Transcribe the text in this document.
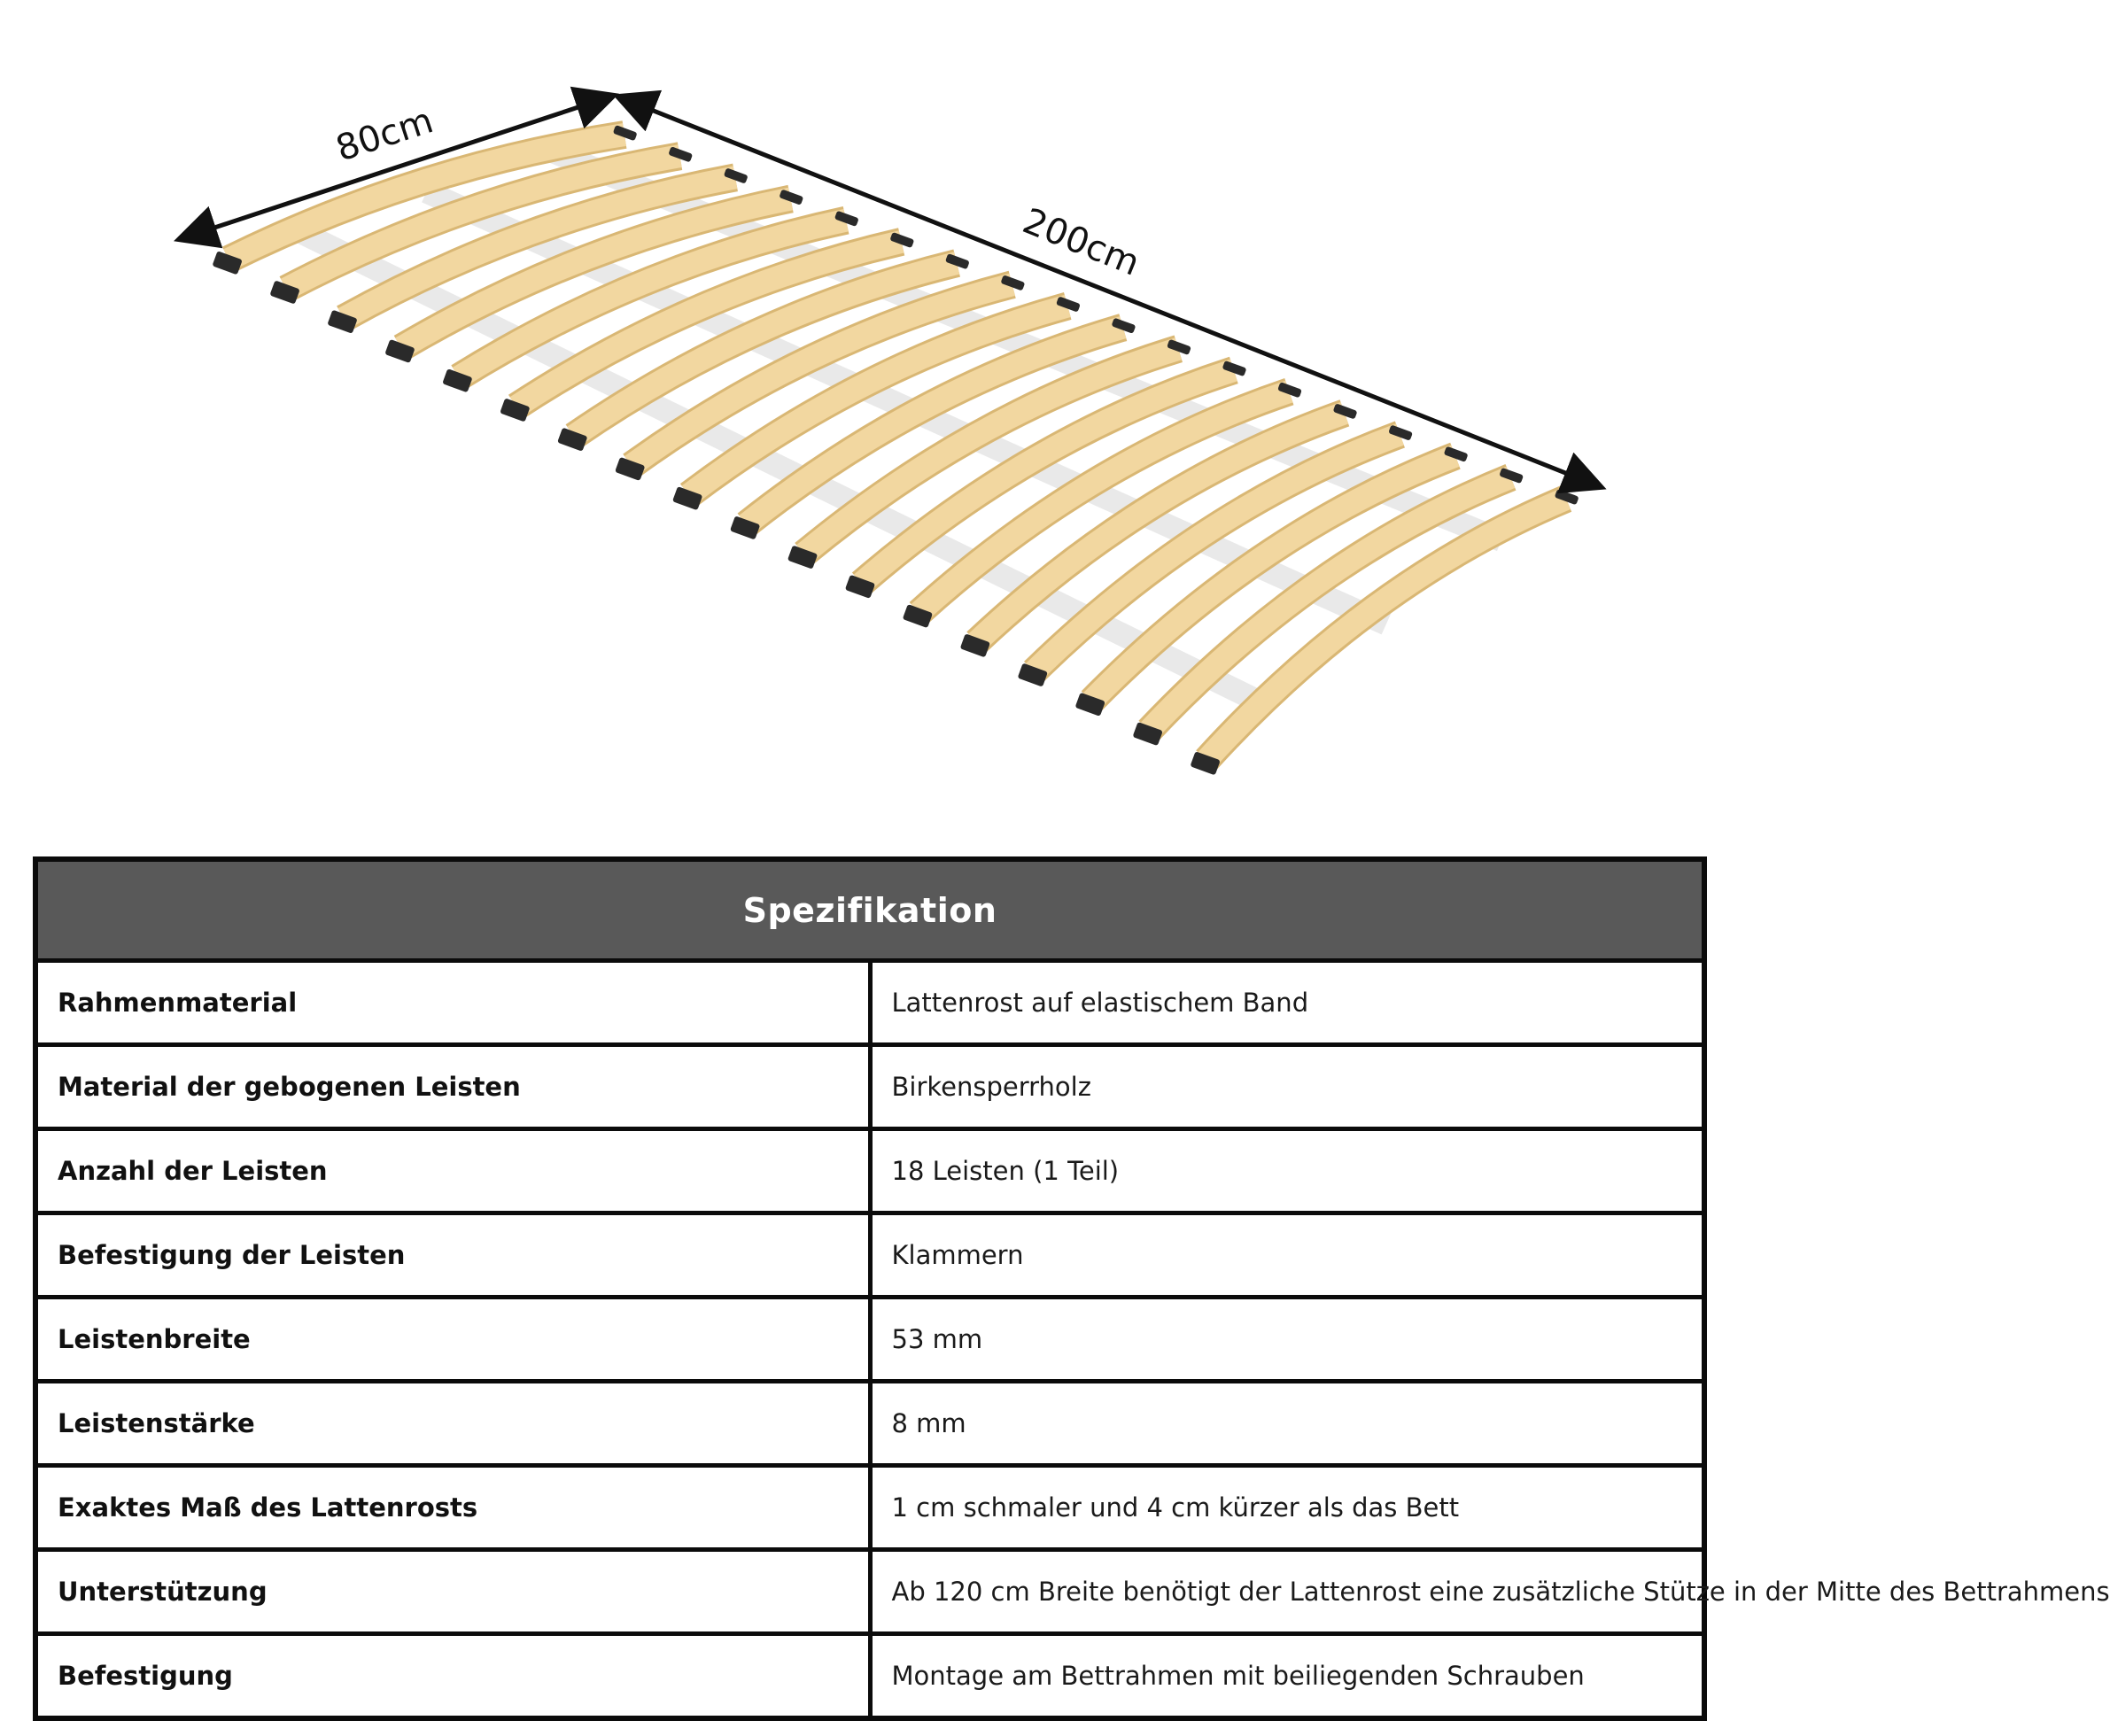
80cm
200cm
Spezifikation	
Rahmenmaterial	Lattenrost auf elastischem Band
Material der gebogenen Leisten	Birkensperrholz
Anzahl der Leisten	18 Leisten (1 Teil)
Befestigung der Leisten	Klammern
Leistenbreite	53 mm
Leistenstärke	8 mm
Exaktes Maß des Lattenrosts	1 cm schmaler und 4 cm kürzer als das Bett
Unterstützung	Ab 120 cm Breite benötigt der Lattenrost eine zusätzliche Stütze in der Mitte des Bettrahmens
Befestigung	Montage am Bettrahmen mit beiliegenden Schrauben
